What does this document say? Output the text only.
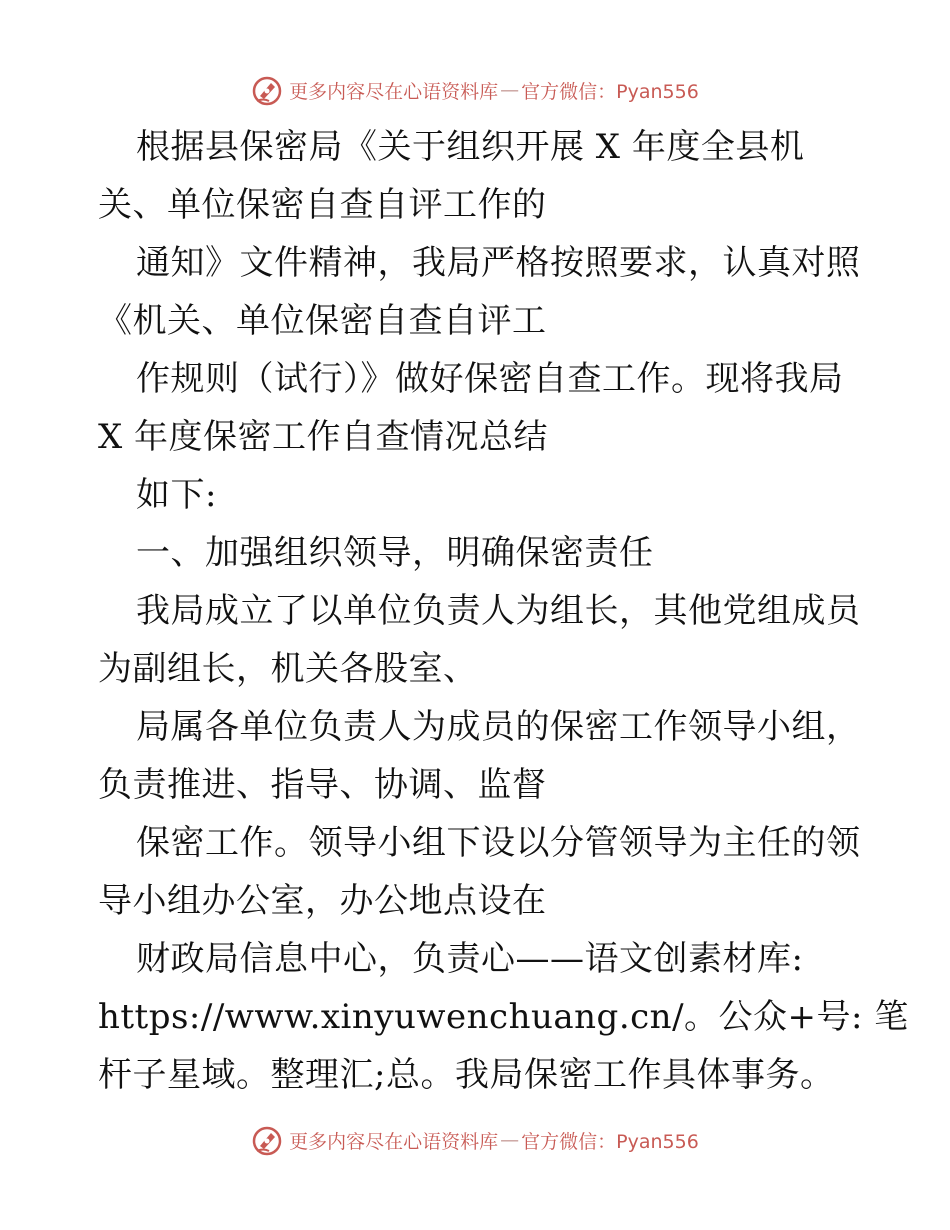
更多内容尽在心语资料库 — 官方微信：Pyan556
根据县保密局《关于组织开展 X 年度全县机
关、单位保密自查自评工作的
通知》文件精神，我局严格按照要求，认真对照
《机关、单位保密自查自评工
作规则（试行）》做好保密自查工作。现将我局
X 年度保密工作自查情况总结
如下:
一、加强组织领导，明确保密责任
我局成立了以单位负责人为组长，其他党组成员
为副组长，机关各股室、
局属各单位负责人为成员的保密工作领导小组，
负责推进、指导、协调、监督
保密工作。领导小组下设以分管领导为主任的领
导小组办公室，办公地点设在
财政局信息中心，负责心——语文创素材库:
https://www.xinyuwenchuang.cn/。公众+号: 笔
杆子星域。整理汇;总。我局保密工作具体事务。
更多内容尽在心语资料库 — 官方微信：Pyan556
